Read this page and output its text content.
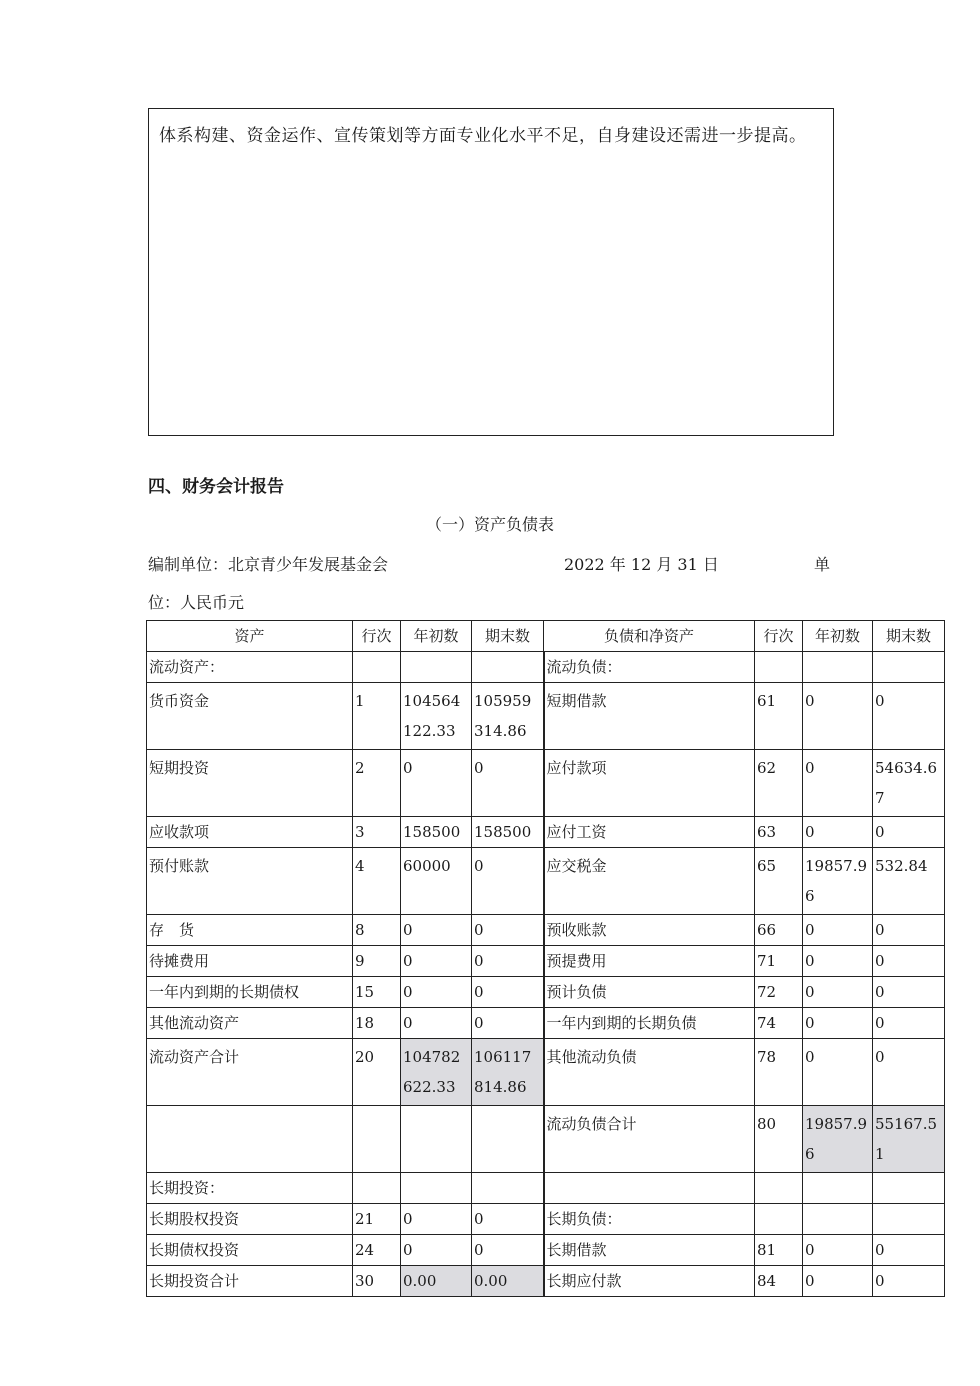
体系构建、资金运作、宣传策划等方面专业化水平不足，自身建设还需进一步提高。

四、财务会计报告
（一）资产负债表
编制单位：北京青少年发展基金会	2022 年 12 月 31 日	单
位：人民币元
资产	行次	年初数	期末数	负债和净资产	行次	年初数	期末数
流动资产：				流动负债：			
货币资金	1	104564122.33	105959314.86	短期借款	61	0	0
短期投资	2	0	0	应付款项	62	0	54634.67
应收款项	3	158500	158500	应付工资	63	0	0
预付账款	4	60000	0	应交税金	65	19857.96	532.84
存　货	8	0	0	预收账款	66	0	0
待摊费用	9	0	0	预提费用	71	0	0
一年内到期的长期债权	15	0	0	预计负债	72	0	0
其他流动资产	18	0	0	一年内到期的长期负债	74	0	0
流动资产合计	20	104782622.33	106117814.86	其他流动负债	78	0	0
				流动负债合计	80	19857.96	55167.51
长期投资：							
长期股权投资	21	0	0	长期负债：			
长期债权投资	24	0	0	长期借款	81	0	0
长期投资合计	30	0.00	0.00	长期应付款	84	0	0
